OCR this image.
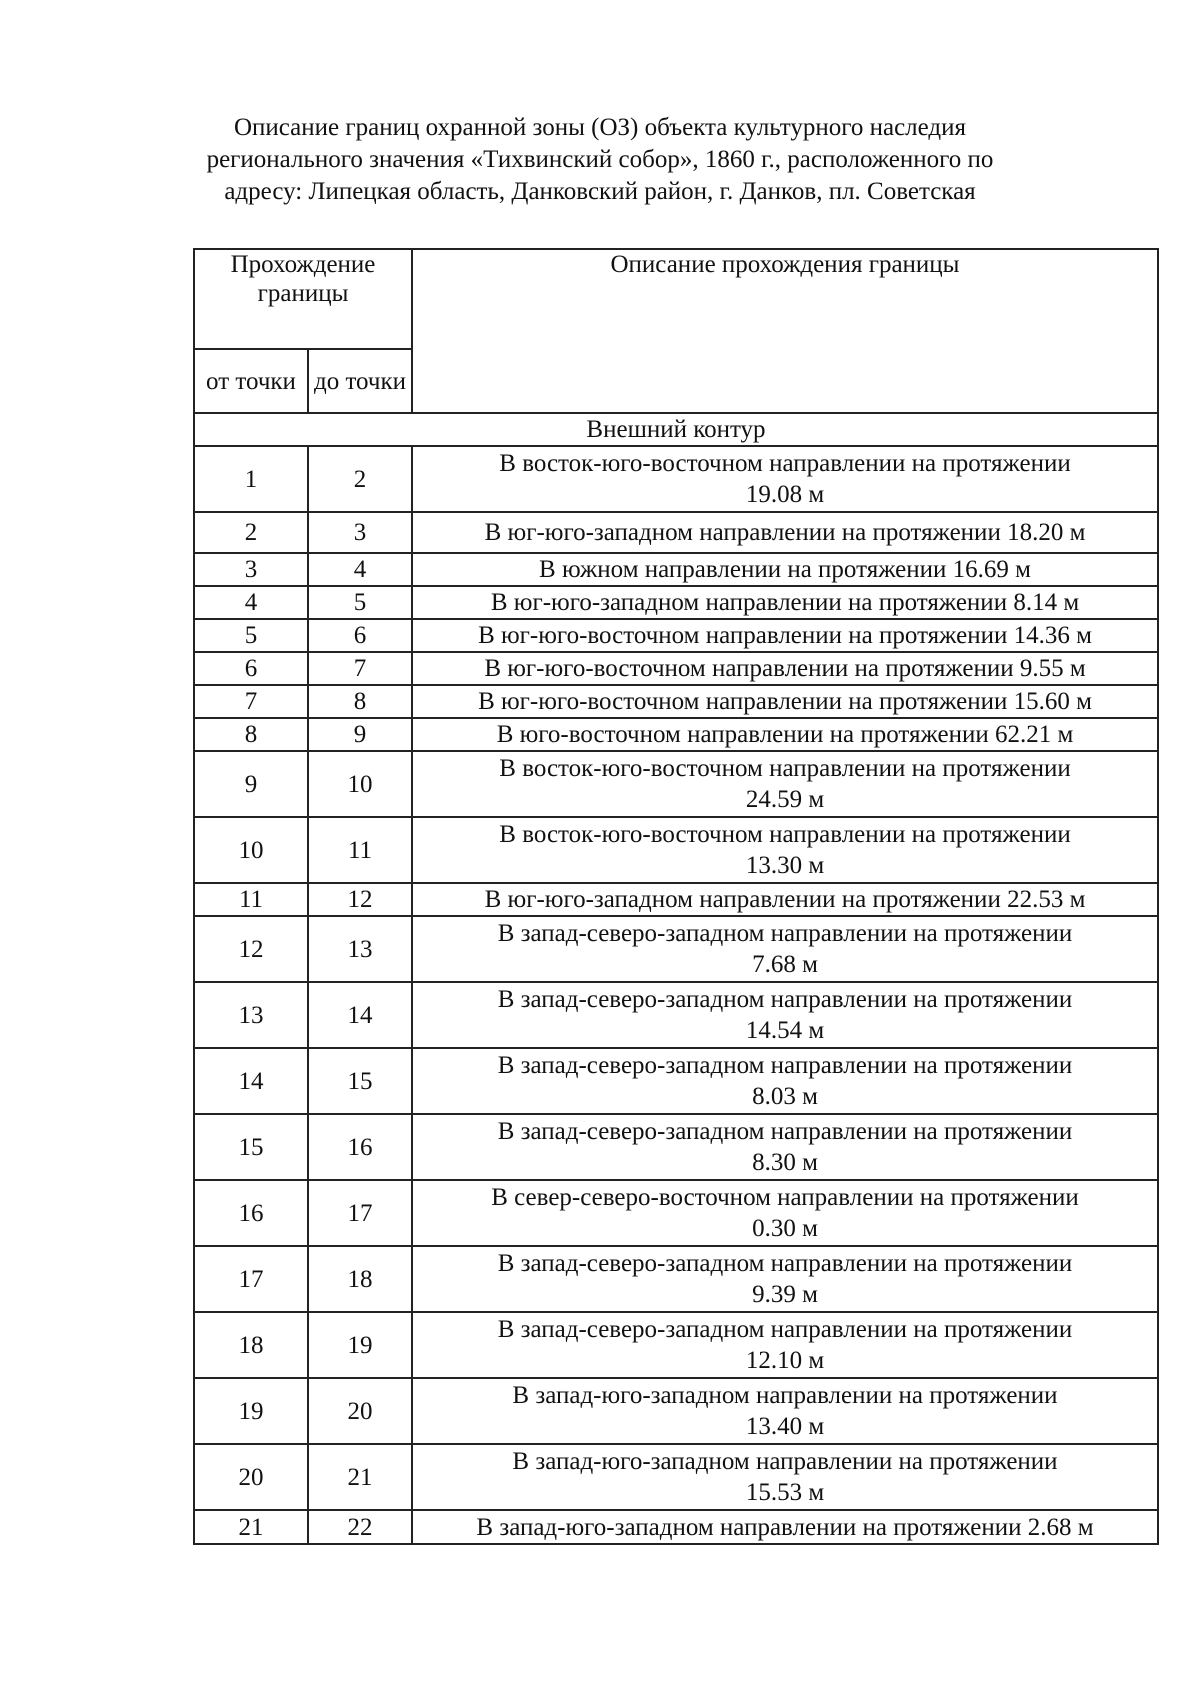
Описание границ охранной зоны (ОЗ) объекта культурного наследия
регионального значения «Тихвинский собор», 1860 г., расположенного по
адресу: Липецкая область, Данковский район, г. Данков, пл. Советская
Прохождение границы		Описание прохождения границы
от точки	до точки	
Внешний контур		
1	2	В восток-юго-восточном направлении на протяжении
19.08 м

2	3	В юг-юго-западном направлении на протяжении 18.20 м

3	4	В южном направлении на протяжении 16.69 м

4	5	В юг-юго-западном направлении на протяжении 8.14 м

5	6	В юг-юго-восточном направлении на протяжении 14.36 м

6	7	В юг-юго-восточном направлении на протяжении 9.55 м

7	8	В юг-юго-восточном направлении на протяжении 15.60 м

8	9	В юго-восточном направлении на протяжении 62.21 м

9	10	В восток-юго-восточном направлении на протяжении
24.59 м

10	11	В восток-юго-восточном направлении на протяжении
13.30 м

11	12	В юг-юго-западном направлении на протяжении 22.53 м

12	13	В запад-северо-западном направлении на протяжении
7.68 м

13	14	В запад-северо-западном направлении на протяжении
14.54 м

14	15	В запад-северо-западном направлении на протяжении
8.03 м

15	16	В запад-северо-западном направлении на протяжении
8.30 м

16	17	В север-северо-восточном направлении на протяжении
0.30 м

17	18	В запад-северо-западном направлении на протяжении
9.39 м

18	19	В запад-северо-западном направлении на протяжении
12.10 м

19	20	В запад-юго-западном направлении на протяжении
13.40 м

20	21	В запад-юго-западном направлении на протяжении
15.53 м

21	22	В запад-юго-западном направлении на протяжении 2.68 м
